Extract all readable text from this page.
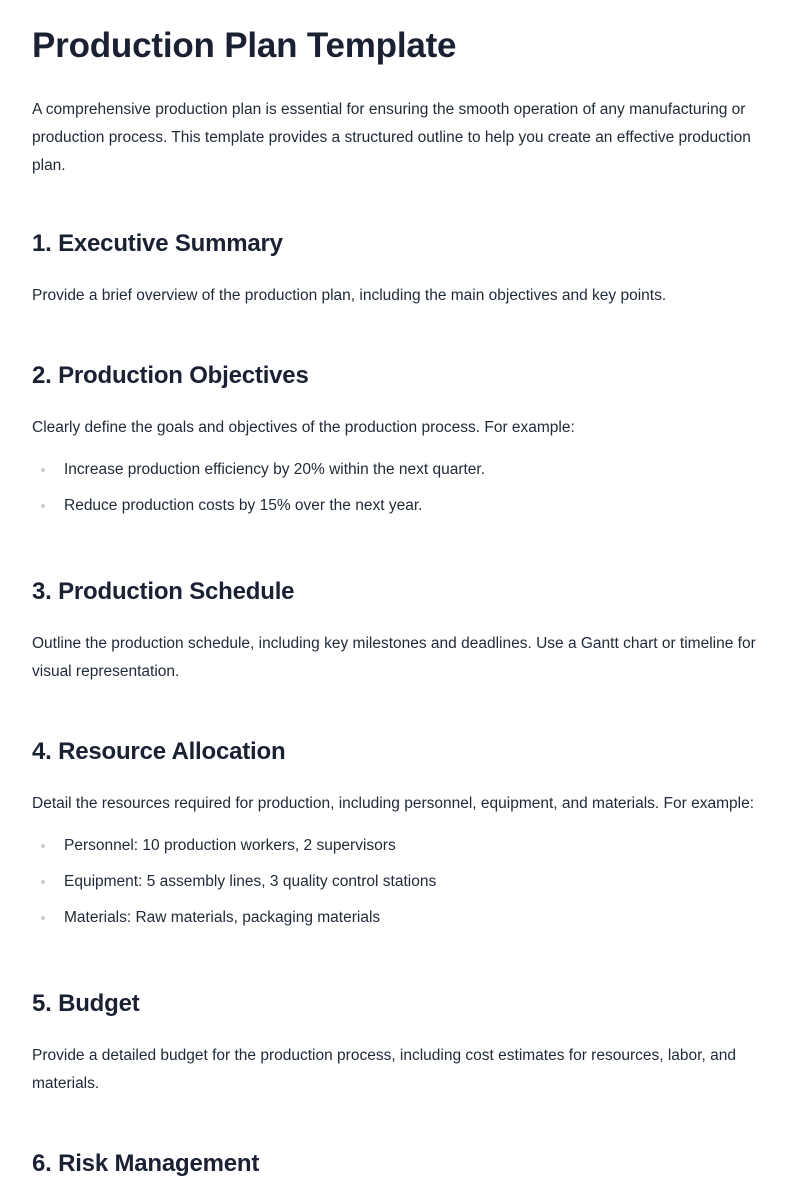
Production Plan Template

A comprehensive production plan is essential for ensuring the smooth operation of any manufacturing or production process. This template provides a structured outline to help you create an effective production plan.

1. Executive Summary

Provide a brief overview of the production plan, including the main objectives and key points.

2. Production Objectives

Clearly define the goals and objectives of the production process. For example:

Increase production efficiency by 20% within the next quarter.
Reduce production costs by 15% over the next year.
3. Production Schedule

Outline the production schedule, including key milestones and deadlines. Use a Gantt chart or timeline for visual representation.

4. Resource Allocation

Detail the resources required for production, including personnel, equipment, and materials. For example:

Personnel: 10 production workers, 2 supervisors
Equipment: 5 assembly lines, 3 quality control stations
Materials: Raw materials, packaging materials
5. Budget

Provide a detailed budget for the production process, including cost estimates for resources, labor, and materials.

6. Risk Management
